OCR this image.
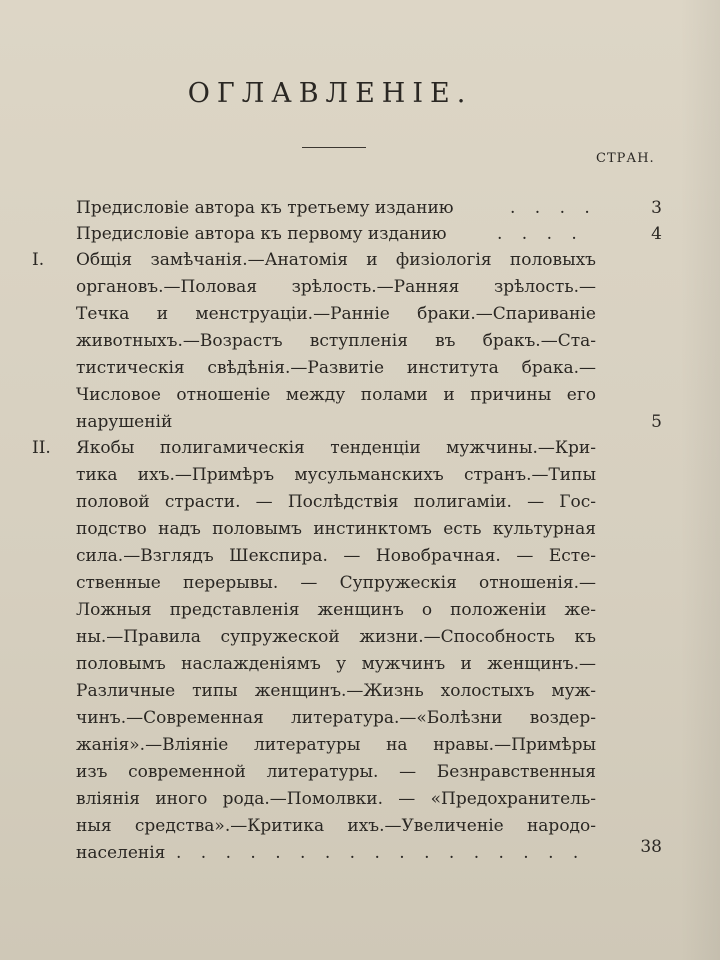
ОГЛАВЛЕНІЕ.
СТРАН.
Предисловіе автора къ третьему изданию	. . . .	3
Предисловіе автора къ первому изданию	. . . .	4
I. Общія замѣчанія.—Анатомія и физіологія половыхъ
органовъ.—Половая зрѣлость.—Ранняя зрѣлость.—
Течка и менструаціи.—Ранніе браки.—Спариваніе
животныхъ.—Возрастъ вступленія въ бракъ.—Ста-
тистическія свѣдѣнія.—Развитіе института брака.—
Числовое отношеніе между полами и причины его
нарушеній	5
II. Якобы полигамическія тенденціи мужчины.—Кри-
тика ихъ.—Примѣръ мусульманскихъ странъ.—Типы
половой страсти. — Послѣдствія полигаміи. — Гос-
подство надъ половымъ инстинктомъ есть культурная
сила.—Взглядъ Шекспира. — Новобрачная. — Есте-
ственные перерывы. — Супружескія отношенія.—
Ложныя представленія женщинъ о положеніи же-
ны.—Правила супружеской жизни.—Способность къ
половымъ наслажденіямъ у мужчинъ и женщинъ.—
Различные типы женщинъ.—Жизнь холостыхъ муж-
чинъ.—Современная литература.—«Болѣзни воздер-
жанія».—Вліяніе литературы на нравы.—Примѣры
изъ современной литературы. — Безнравственныя
вліянія иного рода.—Помолвки. — «Предохранитель-
ныя средства».—Критика ихъ.—Увеличеніе народо-
населенія . . . . . . . . . . . . . . . . .	38
